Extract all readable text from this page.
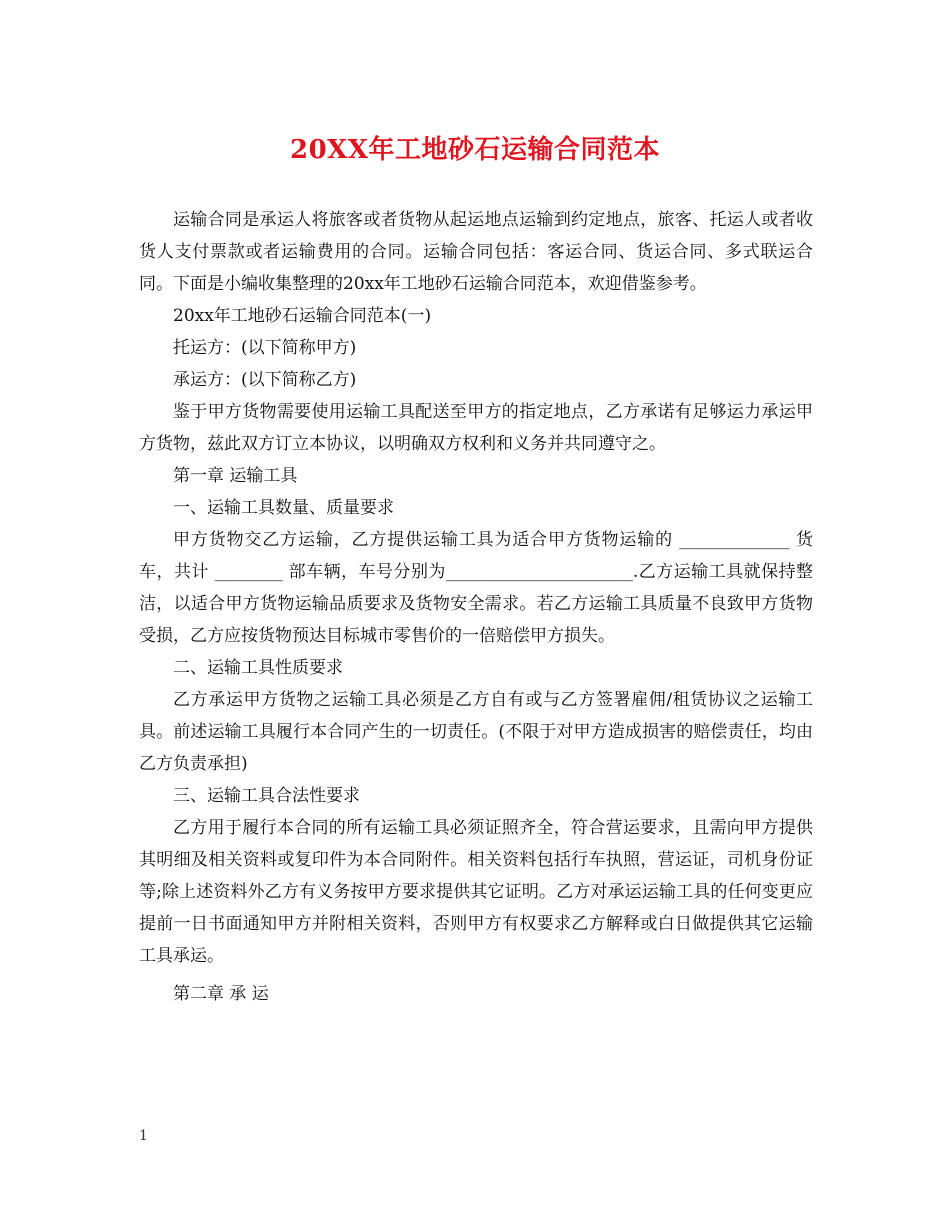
20XX年工地砂石运输合同范本

运输合同是承运人将旅客或者货物从起运地点运输到约定地点，旅客、托运人或者收货人支付票款或者运输费用的合同。运输合同包括：客运合同、货运合同、多式联运合同。下面是小编收集整理的20xx年工地砂石运输合同范本，欢迎借鉴参考。

20xx年工地砂石运输合同范本(一)

托运方：(以下简称甲方)

承运方：(以下简称乙方)

鉴于甲方货物需要使用运输工具配送至甲方的指定地点，乙方承诺有足够运力承运甲方货物，兹此双方订立本协议，以明确双方权利和义务并共同遵守之。

第一章 运输工具

一、运输工具数量、质量要求

甲方货物交乙方运输，乙方提供运输工具为适合甲方货物运输的 _____________ 货车，共计 ________ 部车辆，车号分别为______________________.乙方运输工具就保持整洁，以适合甲方货物运输品质要求及货物安全需求。若乙方运输工具质量不良致甲方货物受损，乙方应按货物预达目标城市零售价的一倍赔偿甲方损失。

二、运输工具性质要求

乙方承运甲方货物之运输工具必须是乙方自有或与乙方签署雇佣/租赁协议之运输工具。前述运输工具履行本合同产生的一切责任。(不限于对甲方造成损害的赔偿责任，均由乙方负责承担)

三、运输工具合法性要求

乙方用于履行本合同的所有运输工具必须证照齐全，符合营运要求，且需向甲方提供其明细及相关资料或复印件为本合同附件。相关资料包括行车执照，营运证，司机身份证等;除上述资料外乙方有义务按甲方要求提供其它证明。乙方对承运运输工具的任何变更应提前一日书面通知甲方并附相关资料，否则甲方有权要求乙方解释或白日做提供其它运输工具承运。

第二章 承 运

1
